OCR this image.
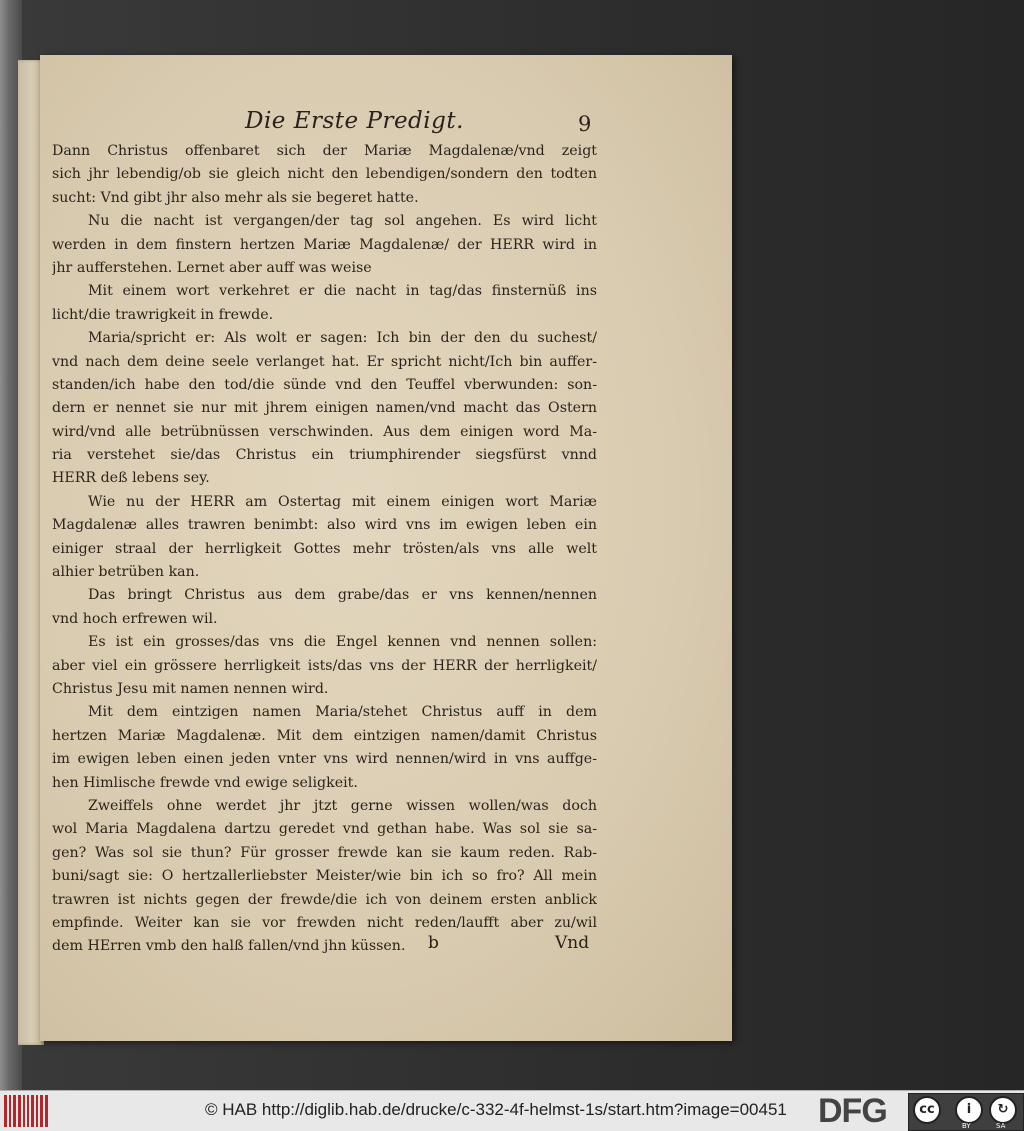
Die Erste Predigt.	9
Dann Christus offenbaret sich der Mariæ Magdalenæ/vnd zeigt
sich jhr lebendig/ob sie gleich nicht den lebendigen/sondern den todten
sucht: Vnd gibt jhr also mehr als sie begeret hatte.
Nu die nacht ist vergangen/der tag sol angehen. Es wird licht
werden in dem finstern hertzen Mariæ Magdalenæ/ der HERR wird in
jhr aufferstehen. Lernet aber auff was weise
Mit einem wort verkehret er die nacht in tag/das finsternüß ins
licht/die trawrigkeit in frewde.
Maria/spricht er: Als wolt er sagen: Ich bin der den du suchest/
vnd nach dem deine seele verlanget hat. Er spricht nicht/Ich bin auffer-
standen/ich habe den tod/die sünde vnd den Teuffel vberwunden: son-
dern er nennet sie nur mit jhrem einigen namen/vnd macht das Ostern
wird/vnd alle betrübnüssen verschwinden. Aus dem einigen word Ma-
ria verstehet sie/das Christus ein triumphirender siegsfürst vnnd
HERR deß lebens sey.
Wie nu der HERR am Ostertag mit einem einigen wort Mariæ
Magdalenæ alles trawren benimbt: also wird vns im ewigen leben ein
einiger straal der herrligkeit Gottes mehr trösten/als vns alle welt
alhier betrüben kan.
Das bringt Christus aus dem grabe/das er vns kennen/nennen
vnd hoch erfrewen wil.
Es ist ein grosses/das vns die Engel kennen vnd nennen sollen:
aber viel ein grössere herrligkeit ists/das vns der HERR der herrligkeit/
Christus Jesu mit namen nennen wird.
Mit dem eintzigen namen Maria/stehet Christus auff in dem
hertzen Mariæ Magdalenæ. Mit dem eintzigen namen/damit Christus
im ewigen leben einen jeden vnter vns wird nennen/wird in vns auffge-
hen Himlische frewde vnd ewige seligkeit.
Zweiffels ohne werdet jhr jtzt gerne wissen wollen/was doch
wol Maria Magdalena dartzu geredet vnd gethan habe. Was sol sie sa-
gen? Was sol sie thun? Für grosser frewde kan sie kaum reden. Rab-
buni/sagt sie: O hertzallerliebster Meister/wie bin ich so fro? All mein
trawren ist nichts gegen der frewde/die ich von deinem ersten anblick
empfinde. Weiter kan sie vor frewden nicht reden/laufft aber zu/wil
dem HErren vmb den halß fallen/vnd jhn küssen.	b	Vnd
© HAB http://diglib.hab.de/drucke/c-332-4f-helmst-1s/start.htm?image=00451 DFG	cc	i	↻
BY	SA
